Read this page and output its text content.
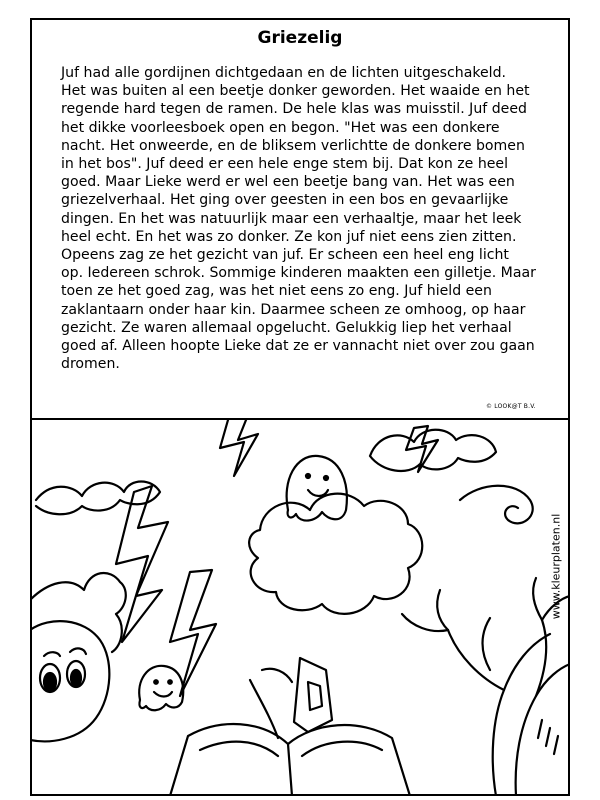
Griezelig

Juf had alle gordijnen dichtgedaan en de lichten uitgeschakeld.
Het was buiten al een beetje donker geworden. Het waaide en het
regende hard tegen de ramen. De hele klas was muisstil. Juf deed
het dikke voorleesboek open en begon. "Het was een donkere
nacht. Het onweerde, en de bliksem verlichtte de donkere bomen
in het bos". Juf deed er een hele enge stem bij. Dat kon ze heel
goed. Maar Lieke werd er wel een beetje bang van. Het was een
griezelverhaal. Het ging over geesten in een bos en gevaarlijke
dingen. En het was natuurlijk maar een verhaaltje, maar het leek
heel echt. En het was zo donker. Ze kon juf niet eens zien zitten.
Opeens zag ze het gezicht van juf. Er scheen een heel eng licht
op. Iedereen schrok. Sommige kinderen maakten een gilletje. Maar
toen ze het goed zag, was het niet eens zo eng. Juf hield een
zaklantaarn onder haar kin. Daarmee scheen ze omhoog, op haar
gezicht. Ze waren allemaal opgelucht. Gelukkig liep het verhaal
goed af. Alleen hoopte Lieke dat ze er vannacht niet over zou gaan
dromen.

© LOOK@T B.V.
www.kleurplaten.nl
